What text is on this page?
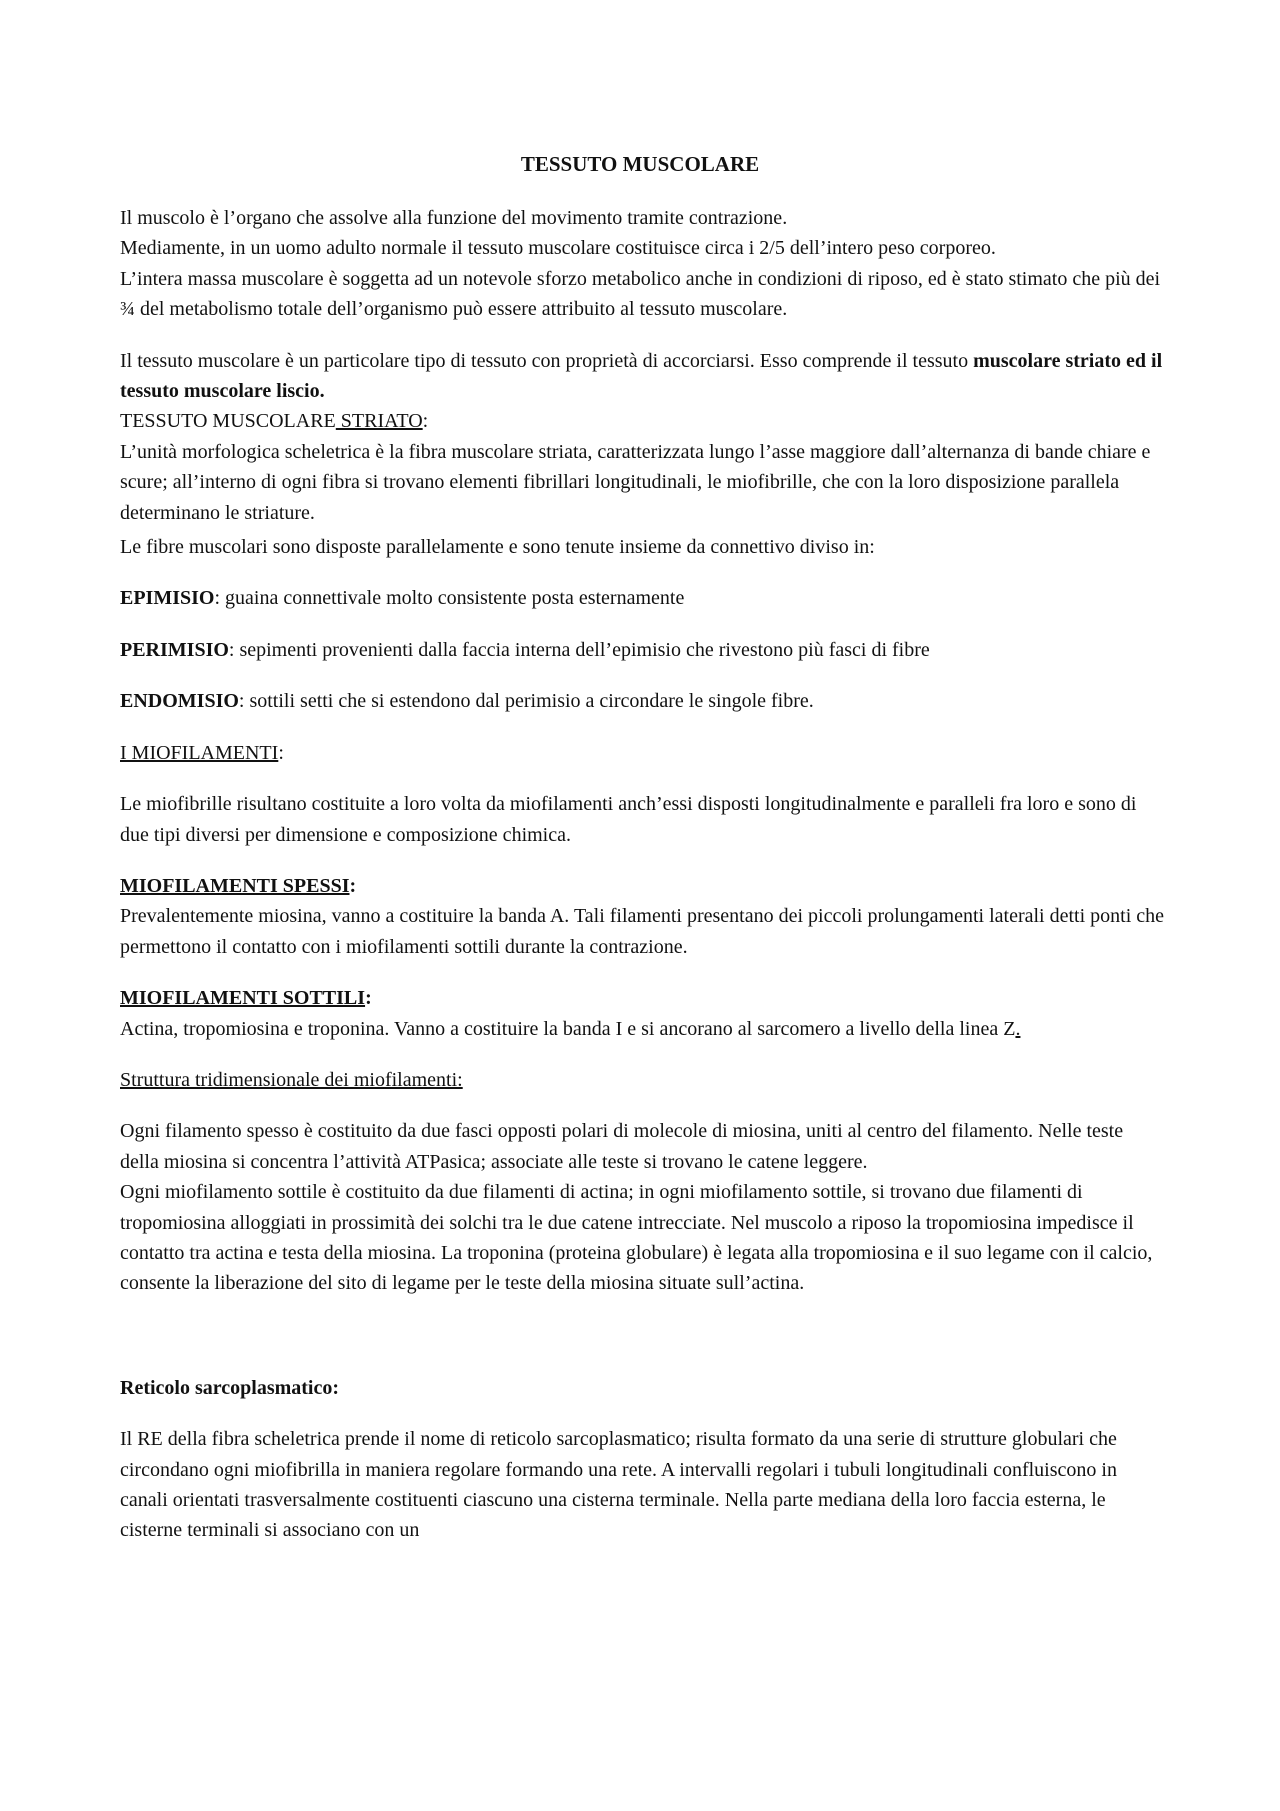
TESSUTO MUSCOLARE

Il muscolo è l’organo che assolve alla funzione del movimento tramite contrazione.

Mediamente, in un uomo adulto normale il tessuto muscolare costituisce circa i 2/5 dell’intero peso corporeo.

L’intera massa muscolare è soggetta ad un notevole sforzo metabolico anche in condizioni di riposo, ed è stato stimato che più dei ¾ del metabolismo totale dell’organismo può essere attribuito al tessuto muscolare.

Il tessuto muscolare è un particolare tipo di tessuto con proprietà di accorciarsi. Esso comprende il tessuto muscolare striato ed il tessuto muscolare liscio.

TESSUTO MUSCOLARE STRIATO:

L’unità morfologica scheletrica è la fibra muscolare striata, caratterizzata lungo l’asse maggiore dall’alternanza di bande chiare e scure; all’interno di ogni fibra si trovano elementi fibrillari longitudinali, le miofibrille, che con la loro disposizione parallela determinano le striature.

Le fibre muscolari sono disposte parallelamente e sono tenute insieme da connettivo diviso in:

EPIMISIO: guaina connettivale molto consistente posta esternamente

PERIMISIO: sepimenti provenienti dalla faccia interna dell’epimisio che rivestono più fasci di fibre

ENDOMISIO: sottili setti che si estendono dal perimisio a circondare le singole fibre.

I MIOFILAMENTI:

Le miofibrille risultano costituite a loro volta da miofilamenti anch’essi disposti longitudinalmente e paralleli fra loro e sono di due tipi diversi per dimensione e composizione chimica.

MIOFILAMENTI SPESSI:

Prevalentemente miosina, vanno a costituire la banda A. Tali filamenti presentano dei piccoli prolungamenti laterali detti ponti che permettono il contatto con i miofilamenti sottili durante la contrazione.

MIOFILAMENTI SOTTILI:

Actina, tropomiosina e troponina. Vanno a costituire la banda I e si ancorano al sarcomero a livello della linea Z.

Struttura tridimensionale dei miofilamenti:

Ogni filamento spesso è costituito da due fasci opposti polari di molecole di miosina, uniti al centro del filamento. Nelle teste della miosina si concentra l’attività ATPasica; associate alle teste si trovano le catene leggere.

Ogni miofilamento sottile è costituito da due filamenti di actina; in ogni miofilamento sottile, si trovano due filamenti di tropomiosina alloggiati in prossimità dei solchi tra le due catene intrecciate. Nel muscolo a riposo la tropomiosina impedisce il contatto tra actina e testa della miosina. La troponina (proteina globulare) è legata alla tropomiosina e il suo legame con il calcio, consente la liberazione del sito di legame per le teste della miosina situate sull’actina.

Reticolo sarcoplasmatico:

Il RE della fibra scheletrica prende il nome di reticolo sarcoplasmatico; risulta formato da una serie di strutture globulari che circondano ogni miofibrilla in maniera regolare formando una rete. A intervalli regolari i tubuli longitudinali confluiscono in canali orientati trasversalmente costituenti ciascuno una cisterna terminale. Nella parte mediana della loro faccia esterna, le cisterne terminali si associano con un
